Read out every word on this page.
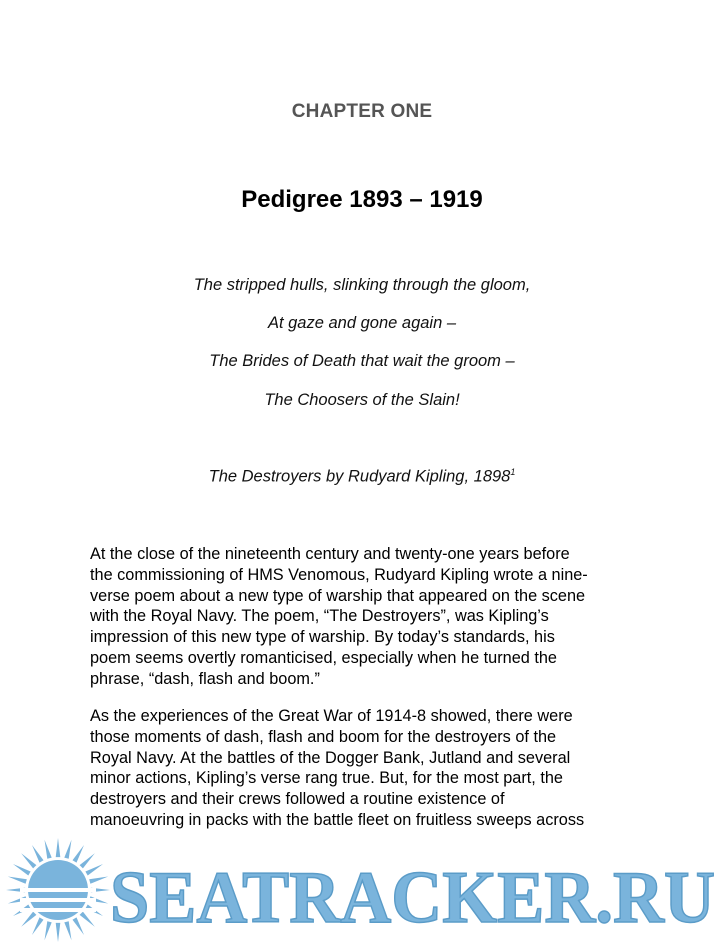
CHAPTER ONE
Pedigree 1893 – 1919
The stripped hulls, slinking through the gloom,
At gaze and gone again –
The Brides of Death that wait the groom –
The Choosers of the Slain!
The Destroyers by Rudyard Kipling, 1898$^1$
At the close of the nineteenth century and twenty-one years before
the commissioning of HMS Venomous, Rudyard Kipling wrote a nine-
verse poem about a new type of warship that appeared on the scene
with the Royal Navy. The poem, “The Destroyers”, was Kipling’s
impression of this new type of warship. By today’s standards, his
poem seems overtly romanticised, especially when he turned the
phrase, “dash, flash and boom.”
As the experiences of the Great War of 1914-8 showed, there were
those moments of dash, flash and boom for the destroyers of the
Royal Navy. At the battles of the Dogger Bank, Jutland and several
minor actions, Kipling’s verse rang true. But, for the most part, the
destroyers and their crews followed a routine existence of
manoeuvring in packs with the battle fleet on fruitless sweeps across
SEATRACKER.RU
